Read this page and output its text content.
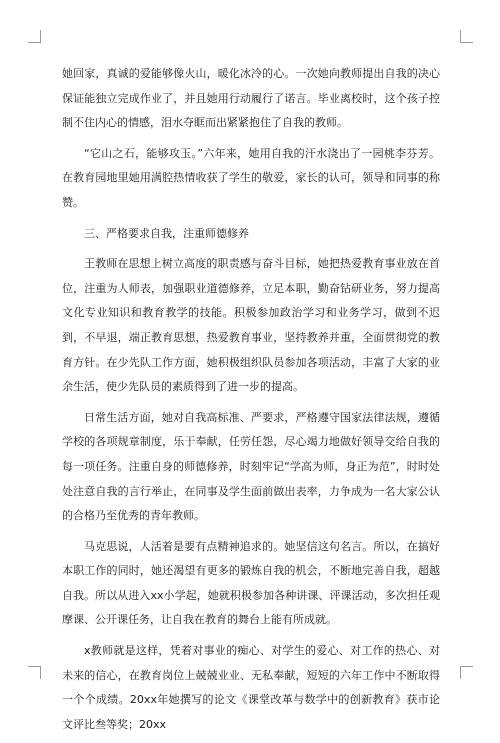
她回家，真诚的爱能够像火山，暖化冰冷的心。一次她向教师提出自我的决心保证能独立完成作业了，并且她用行动履行了诺言。毕业离校时，这个孩子控制不住内心的情感，泪水夺眶而出紧紧抱住了自我的教师。

“它山之石，能够攻玉。”六年来，她用自我的汗水浇出了一园桃李芬芳。在教育园地里她用满腔热情收获了学生的敬爱，家长的认可，领导和同事的称赞。

三、严格要求自我，注重师德修养

王教师在思想上树立高度的职责感与奋斗目标，她把热爱教育事业放在首位，注重为人师表，加强职业道德修养，立足本职，勤奋钻研业务，努力提高文化专业知识和教育教学的技能。积极参加政治学习和业务学习，做到不迟到，不早退，端正教育思想，热爱教育事业，坚持教养并重，全面贯彻党的教育方针。在少先队工作方面，她积极组织队员参加各项活动，丰富了大家的业余生活，使少先队员的素质得到了进一步的提高。

日常生活方面，她对自我高标准、严要求，严格遵守国家法律法规，遵循学校的各项规章制度，乐于奉献，任劳任怨，尽心竭力地做好领导交给自我的每一项任务。注重自身的师德修养，时刻牢记“学高为师，身正为范”，时时处处注意自我的言行举止，在同事及学生面前做出表率，力争成为一名大家公认的合格乃至优秀的青年教师。

马克思说，人活着是要有点精神追求的。她坚信这句名言。所以，在搞好本职工作的同时，她还渴望有更多的锻炼自我的机会，不断地完善自我，超越自我。所以从进入xx小学起，她就积极参加各种讲课、评课活动，多次担任观摩课、公开课任务，让自我在教育的舞台上能有所成就。

x教师就是这样，凭着对事业的痴心、对学生的爱心、对工作的热心、对未来的信心，在教育岗位上兢兢业业、无私奉献，短短的六年工作中不断取得一个个成绩。20xx年她撰写的论文《课堂改革与数学中的创新教育》获市论文评比叁等奖；20xx
